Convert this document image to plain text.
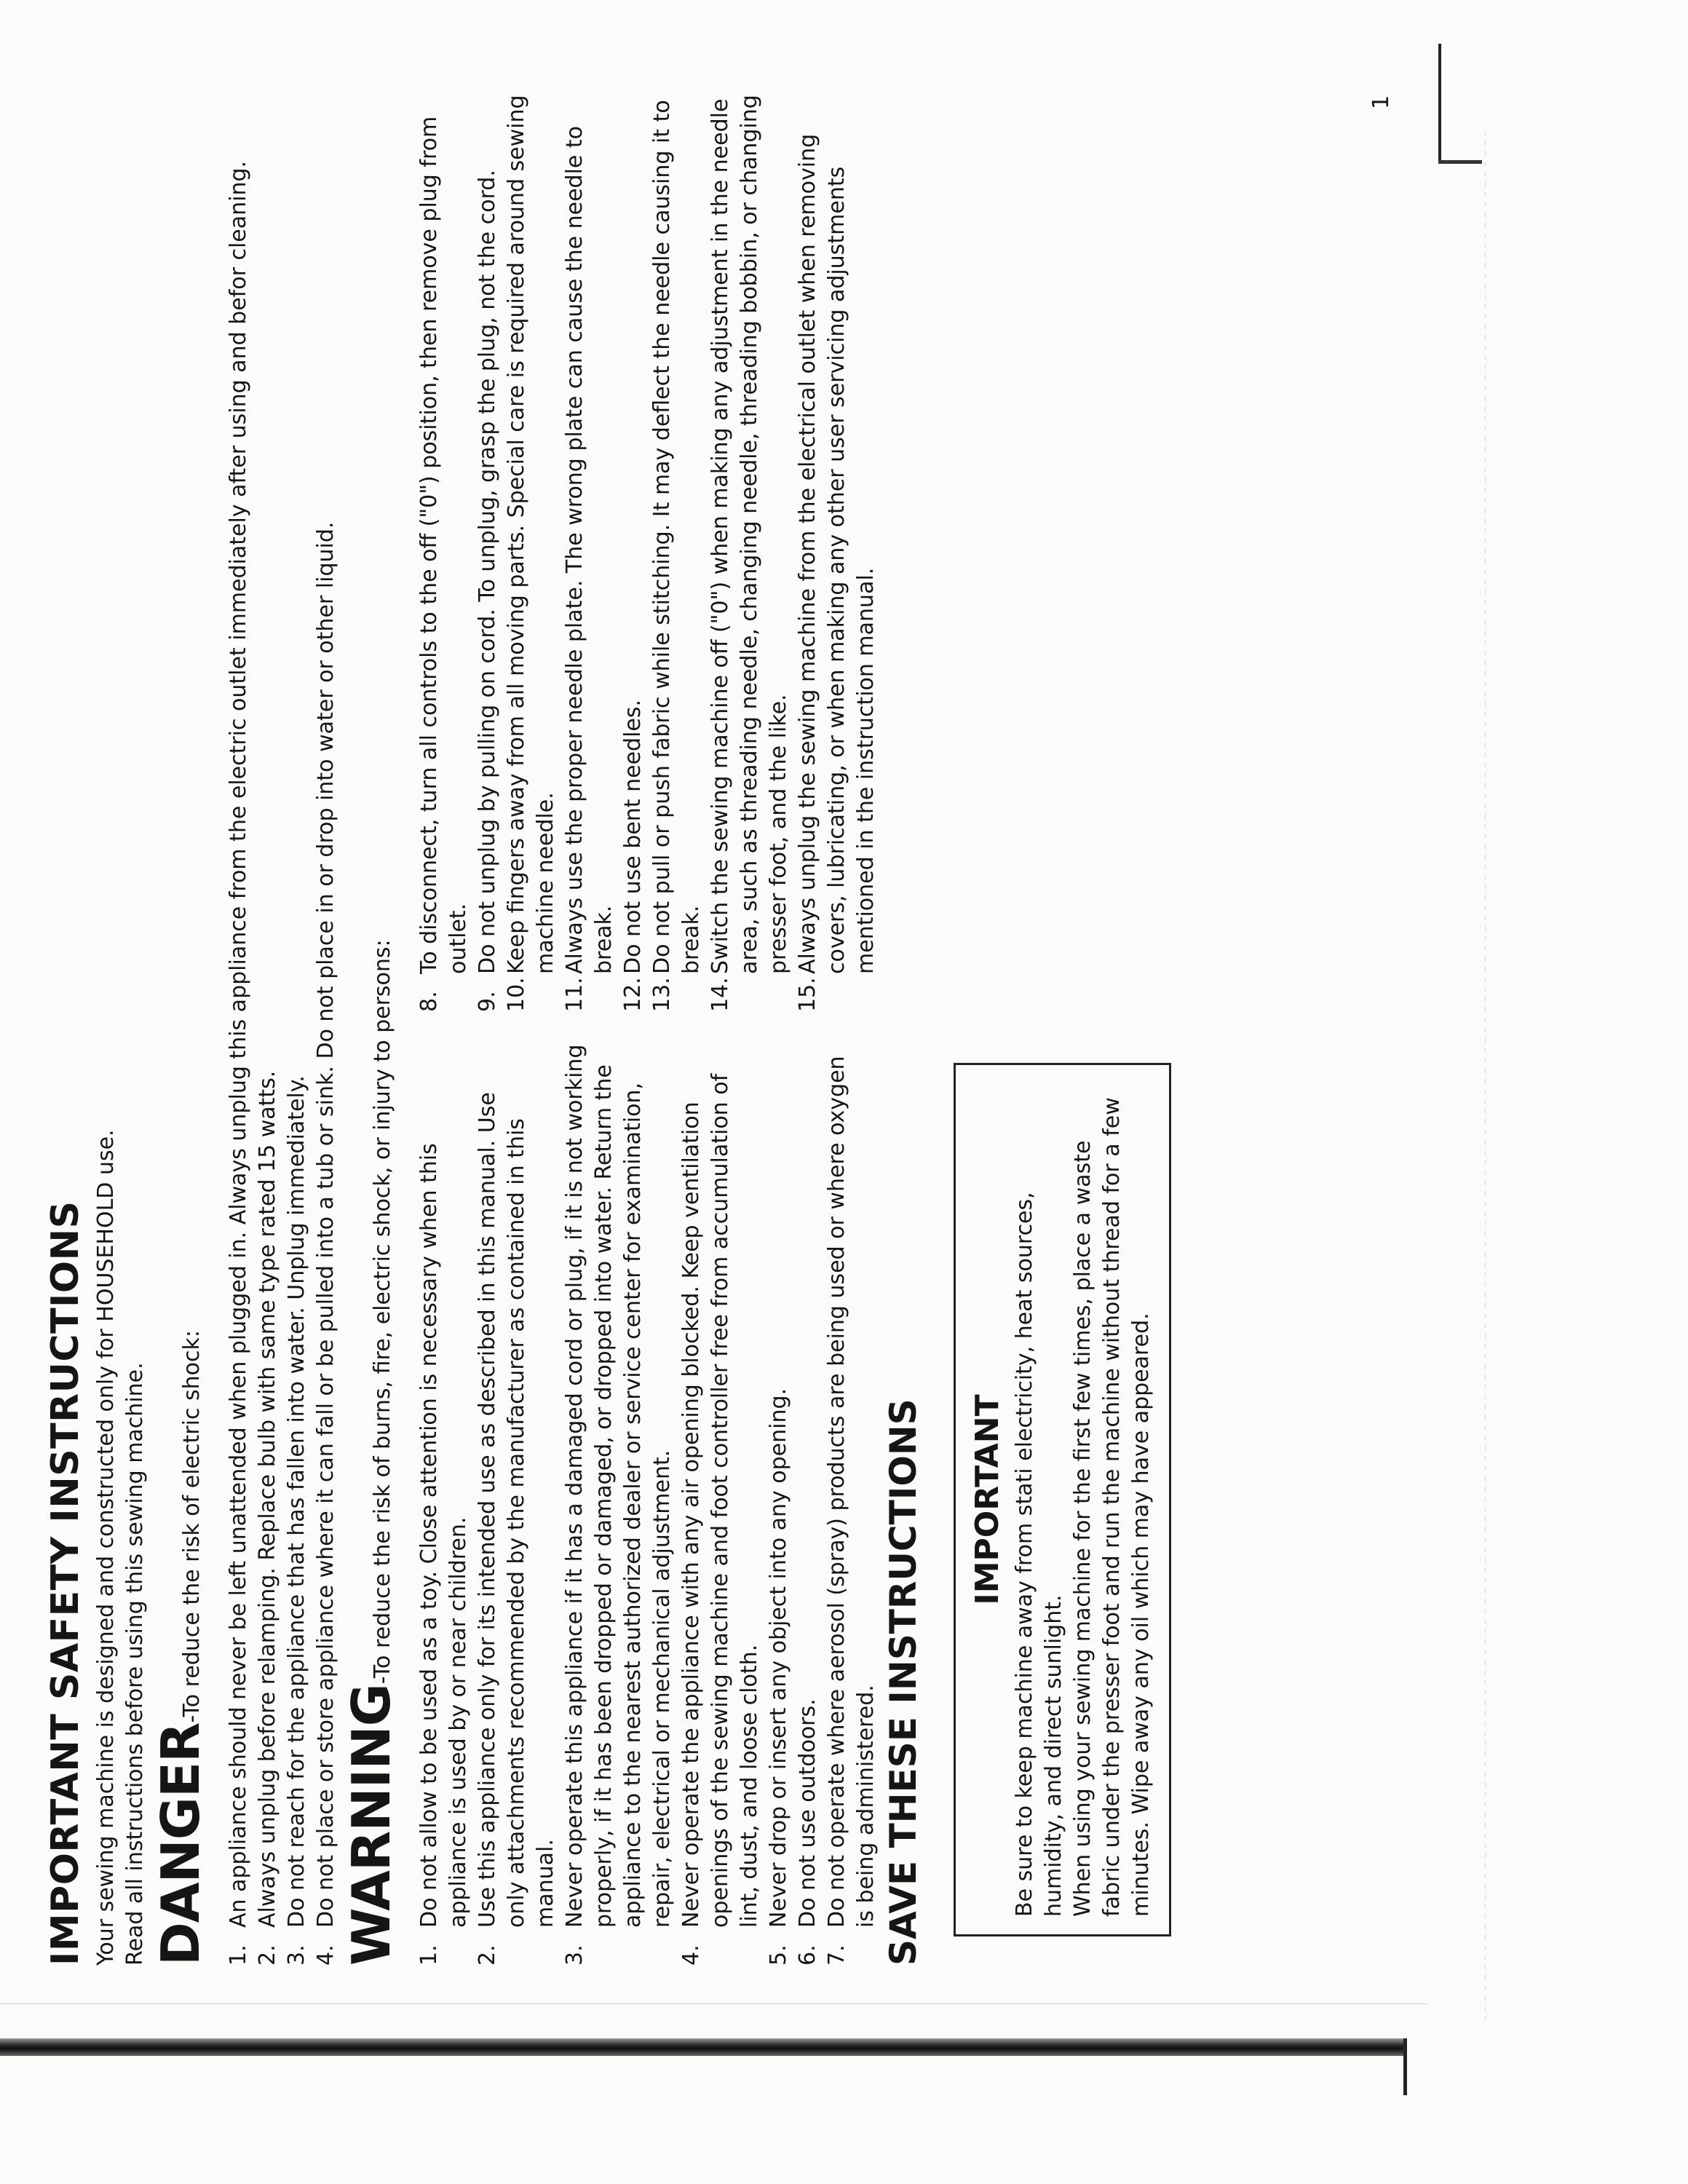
1
IMPORTANT SAFETY INSTRUCTIONS Your sewing machine is designed and constructed only for HOUSEHOLD use. Read all instructions before using this sewing machine. DANGER-To reduce the risk of electric shock:
1.
An appliance should never be left unattended when plugged in. Always unplug this appliance from the electric outlet immediately after using and befor cleaning.
2.
Always unplug before relamping. Replace bulb with same type rated 15 watts.
3.
Do not reach for the appliance that has fallen into water. Unplug immediately.
4.
Do not place or store appliance where it can fall or be pulled into a tub or sink. Do not place in or drop into water or other liquid. WARNING-To reduce the risk of burns, fire, electric shock, or injury to persons:
1.
Do not allow to be used as a toy. Close attention is necessary when this appliance is used by or near children.
2.
Use this appliance only for its intended use as described in this manual. Use only attachments recommended by the manufacturer as contained in this manual.
3.
Never operate this appliance if it has a damaged cord or plug, if it is not working properly, if it has been dropped or damaged, or dropped into water. Return the appliance to the nearest authorized dealer or service center for examination, repair, electrical or mechanical adjustment.
4.
Never operate the appliance with any air opening blocked. Keep ventilation openings of the sewing machine and foot controller free from accumulation of lint, dust, and loose cloth.
5.
Never drop or insert any object into any opening.
6.
Do not use outdoors.
7.
Do not operate where aerosol (spray) products are being used or where oxygen is being administered. SAVE THESE INSTRUCTIONS
8.
To disconnect, turn all controls to the off ("0") position, then remove plug from outlet.
9.
Do not unplug by pulling on cord. To unplug, grasp the plug, not the cord.
10.
Keep fingers away from all moving parts. Special care is required around sewing machine needle.
11.
Always use the proper needle plate. The wrong plate can cause the needle to break.
12.
Do not use bent needles.
13.
Do not pull or push fabric while stitching. It may deflect the needle causing it to break.
14.
Switch the sewing machine off ("0") when making any adjustment in the needle area, such as threading needle, changing needle, threading bobbin, or changing presser foot, and the like.
15.
Always unplug the sewing machine from the electrical outlet when removing covers, lubricating, or when making any other user servicing adjustments mentioned in the instruction manual.
IMPORTANT Be sure to keep machine away from stati electricity, heat sources, humidity, and direct sunlight. When using your sewing machine for the first few times, place a waste fabric under the presser foot and run the machine without thread for a few minutes. Wipe away any oil which may have appeared.
